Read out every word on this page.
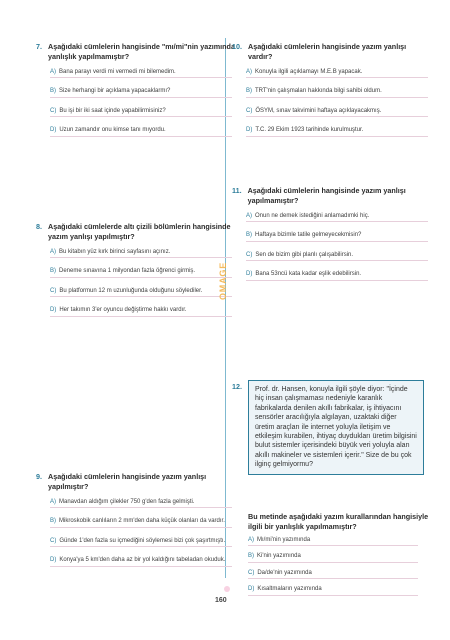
7. Aşağıdaki cümlelerin hangisinde "mı/mi"nin yazımında yanlışlık yapılmamıştır?
A) Bana parayı verdi mi vermedi mi bilemedim.
B) Size herhangi bir açıklama yapacaklarmı?
C) Bu işi bir iki saat içinde yapabilirmisiniz?
D) Uzun zamandır onu kimse tanı mıyordu.
8. Aşağıdaki cümlelerde altı çizili bölümlerin hangisinde yazım yanlışı yapılmıştır?
A) Bu kitabın yüz kırk birinci sayfasını açınız.
B) Deneme sınavına 1 milyondan fazla öğrenci girmiş.
C) Bu platformun 12 m uzunluğunda olduğunu söylediler.
D) Her takımın 3'er oyuncu değiştirme hakkı vardır.
9. Aşağıdaki cümlelerin hangisinde yazım yanlışı yapılmıştır?
A) Manavdan aldığım çilekler 750 g'den fazla gelmişti.
B) Mikroskobik canlıların 2 mm'den daha küçük olanları da vardır.
C) Günde 1'den fazla su içmediğini söylemesi bizi çok şaşırtmıştı.
D) Konya'ya 5 km'den daha az bir yol kaldığını tabeladan okuduk.
10. Aşağıdaki cümlelerin hangisinde yazım yanlışı vardır?
A) Konuyla ilgili açıklamayı M.E.B yapacak.
B) TRT'nin çalışmaları hakkında bilgi sahibi oldum.
C) ÖSYM, sınav takvimini haftaya açıklayacakmış.
D) T.C. 29 Ekim 1923 tarihinde kurulmuştur.
11. Aşağıdaki cümlelerin hangisinde yazım yanlışı yapılmamıştır?
A) Onun ne demek istediğini anlamadımki hiç.
B) Haftaya bizimle tatile gelmeyecekmisin?
C) Sen de bizim gibi planlı çalışabilirsin.
D) Bana 53ncü kata kadar eşlik edebilirsin.
12.	Prof. dr. Hansen, konuyla ilgili şöyle diyor: "İçinde hiç insan çalışmaması nedeniyle karanlık fabrikalarda denilen akıllı fabrikalar, iş ihtiyacını sensörler aracılığıyla algılayan, uzaktaki diğer üretim araçları ile internet yoluyla iletişim ve etkileşim kurabilen, ihtiyaç duydukları üretim bilgisini bulut sistemler içerisindeki büyük veri yoluyla alan akıllı makineler ve sistemleri içerir." Size de bu çok ilginç gelmiyormu?
Bu metinde aşağıdaki yazım kurallarından hangisiyle ilgili bir yanlışlık yapılmamıştır?
A) Mı/mi'nin yazımında
B) Ki'nin yazımında
C) Da/de'nin yazımında
D) Kısaltmaların yazımında
OMAGE
160
